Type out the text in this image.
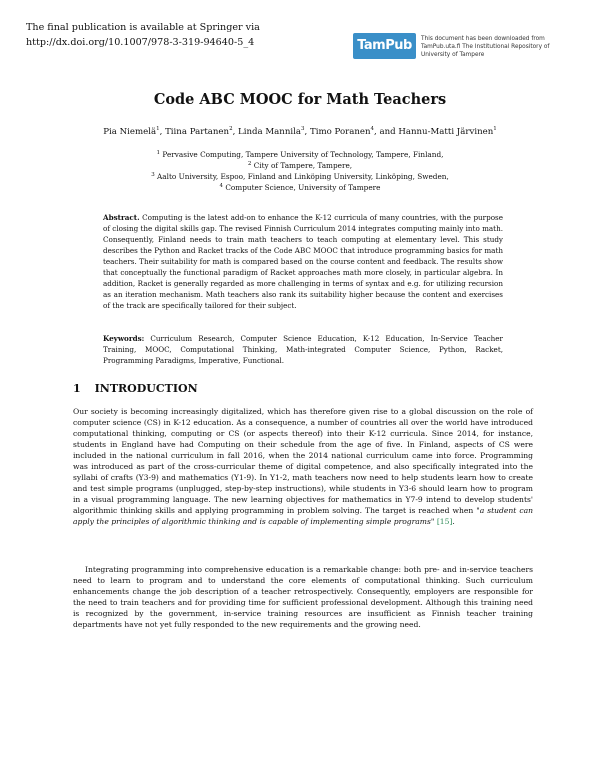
The final publication is available at Springer via
http://dx.doi.org/10.1007/978-3-319-94640-5_4	TamPub	This document has been downloaded from TamPub.uta.fi The Institutional Repository of University of Tampere
Code ABC MOOC for Math Teachers
Pia Niemelä$^1$, Tiina Partanen$^2$, Linda Mannila$^3$, Timo Poranen$^4$, and Hannu-Matti Järvinen$^1$
$^1$ Pervasive Computing, Tampere University of Technology, Tampere, Finland,
$^2$ City of Tampere, Tampere,
$^3$ Aalto University, Espoo, Finland and Linköping University, Linköping, Sweden,
$^4$ Computer Science, University of Tampere

Abstract. Computing is the latest add-on to enhance the K-12 curricula of many countries, with the purpose of closing the digital skills gap. The revised Finnish Curriculum 2014 integrates computing mainly into math. Consequently, Finland needs to train math teachers to teach computing at elementary level. This study describes the Python and Racket tracks of the Code ABC MOOC that introduce programming basics for math teachers. Their suitability for math is compared based on the course content and feedback. The results show that conceptually the functional paradigm of Racket approaches math more closely, in particular algebra. In addition, Racket is generally regarded as more challenging in terms of syntax and e.g. for utilizing recursion as an iteration mechanism. Math teachers also rank its suitability higher because the content and exercises of the track are specifically tailored for their subject.

Keywords: Curriculum Research, Computer Science Education, K-12 Education, In-Service Teacher Training, MOOC, Computational Thinking, Math-integrated Computer Science, Python, Racket, Programming Paradigms, Imperative, Functional.

1 INTRODUCTION

Our society is becoming increasingly digitalized, which has therefore given rise to a global discussion on the role of computer science (CS) in K-12 education. As a consequence, a number of countries all over the world have introduced computational thinking, computing or CS (or aspects thereof) into their K-12 curricula. Since 2014, for instance, students in England have had Computing on their schedule from the age of five. In Finland, aspects of CS were included in the national curriculum in fall 2016, when the 2014 national curriculum came into force. Programming was introduced as part of the cross-curricular theme of digital competence, and also specifically integrated into the syllabi of crafts (Y3-9) and mathematics (Y1-9). In Y1-2, math teachers now need to help students learn how to create and test simple programs (unplugged, step-by-step instructions), while students in Y3-6 should learn how to program in a visual programming language. The new learning objectives for mathematics in Y7-9 intend to develop students' algorithmic thinking skills and applying programming in problem solving. The target is reached when "a student can apply the principles of algorithmic thinking and is capable of implementing simple programs" [15].

Integrating programming into comprehensive education is a remarkable change: both pre- and in-service teachers need to learn to program and to understand the core elements of computational thinking. Such curriculum enhancements change the job description of a teacher retrospectively. Consequently, employers are responsible for the need to train teachers and for providing time for sufficient professional development. Although this training need is recognized by the government, in-service training resources are insufficient as Finnish teacher training departments have not yet fully responded to the new requirements and the growing need.
